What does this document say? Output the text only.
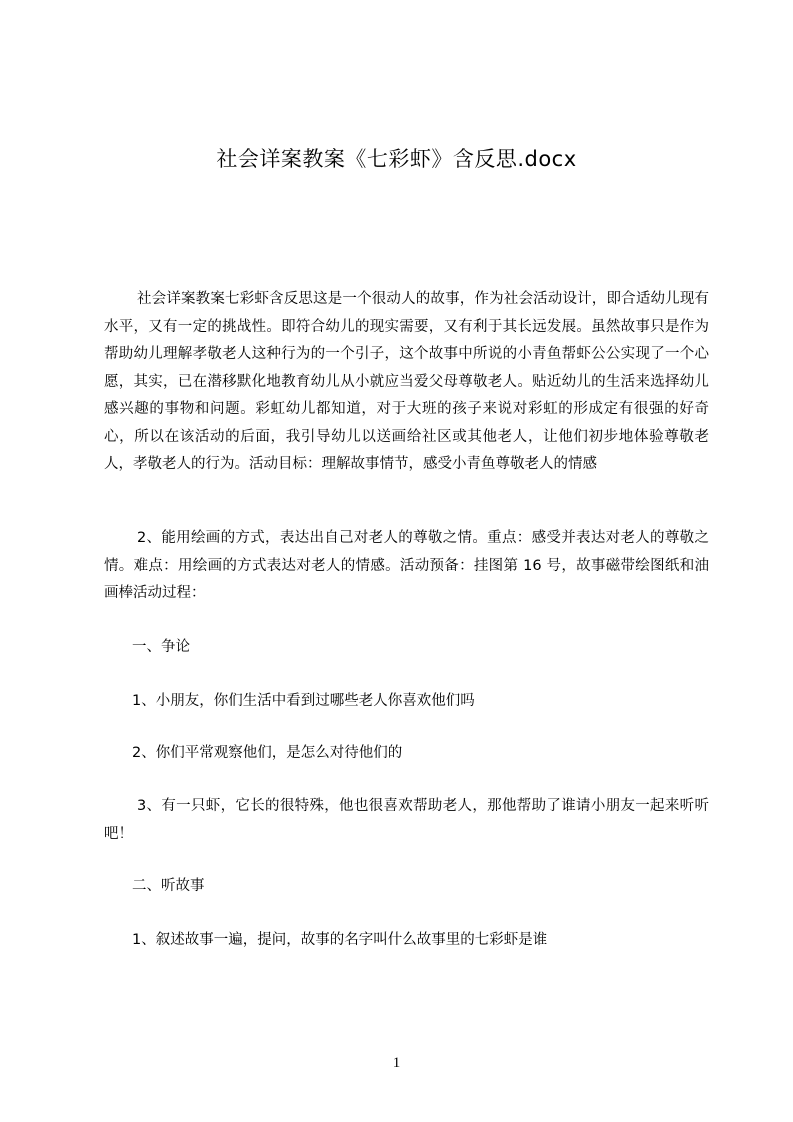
社会详案教案《七彩虾》含反思.docx

社会详案教案七彩虾含反思这是一个很动人的故事，作为社会活动设计，即合适幼儿现有水平，又有一定的挑战性。即符合幼儿的现实需要，又有利于其长远发展。虽然故事只是作为帮助幼儿理解孝敬老人这种行为的一个引子，这个故事中所说的小青鱼帮虾公公实现了一个心愿，其实，已在潜移默化地教育幼儿从小就应当爱父母尊敬老人。贴近幼儿的生活来选择幼儿感兴趣的事物和问题。彩虹幼儿都知道，对于大班的孩子来说对彩虹的形成定有很强的好奇心，所以在该活动的后面，我引导幼儿以送画给社区或其他老人，让他们初步地体验尊敬老人，孝敬老人的行为。活动目标：理解故事情节，感受小青鱼尊敬老人的情感

2、能用绘画的方式，表达出自己对老人的尊敬之情。重点：感受并表达对老人的尊敬之情。难点：用绘画的方式表达对老人的情感。活动预备：挂图第 16 号，故事磁带绘图纸和油画棒活动过程：

一、争论

1、小朋友，你们生活中看到过哪些老人你喜欢他们吗

2、你们平常观察他们，是怎么对待他们的

3、有一只虾，它长的很特殊，他也很喜欢帮助老人，那他帮助了谁请小朋友一起来听听吧！

二、听故事

1、叙述故事一遍，提问，故事的名字叫什么故事里的七彩虾是谁

1
